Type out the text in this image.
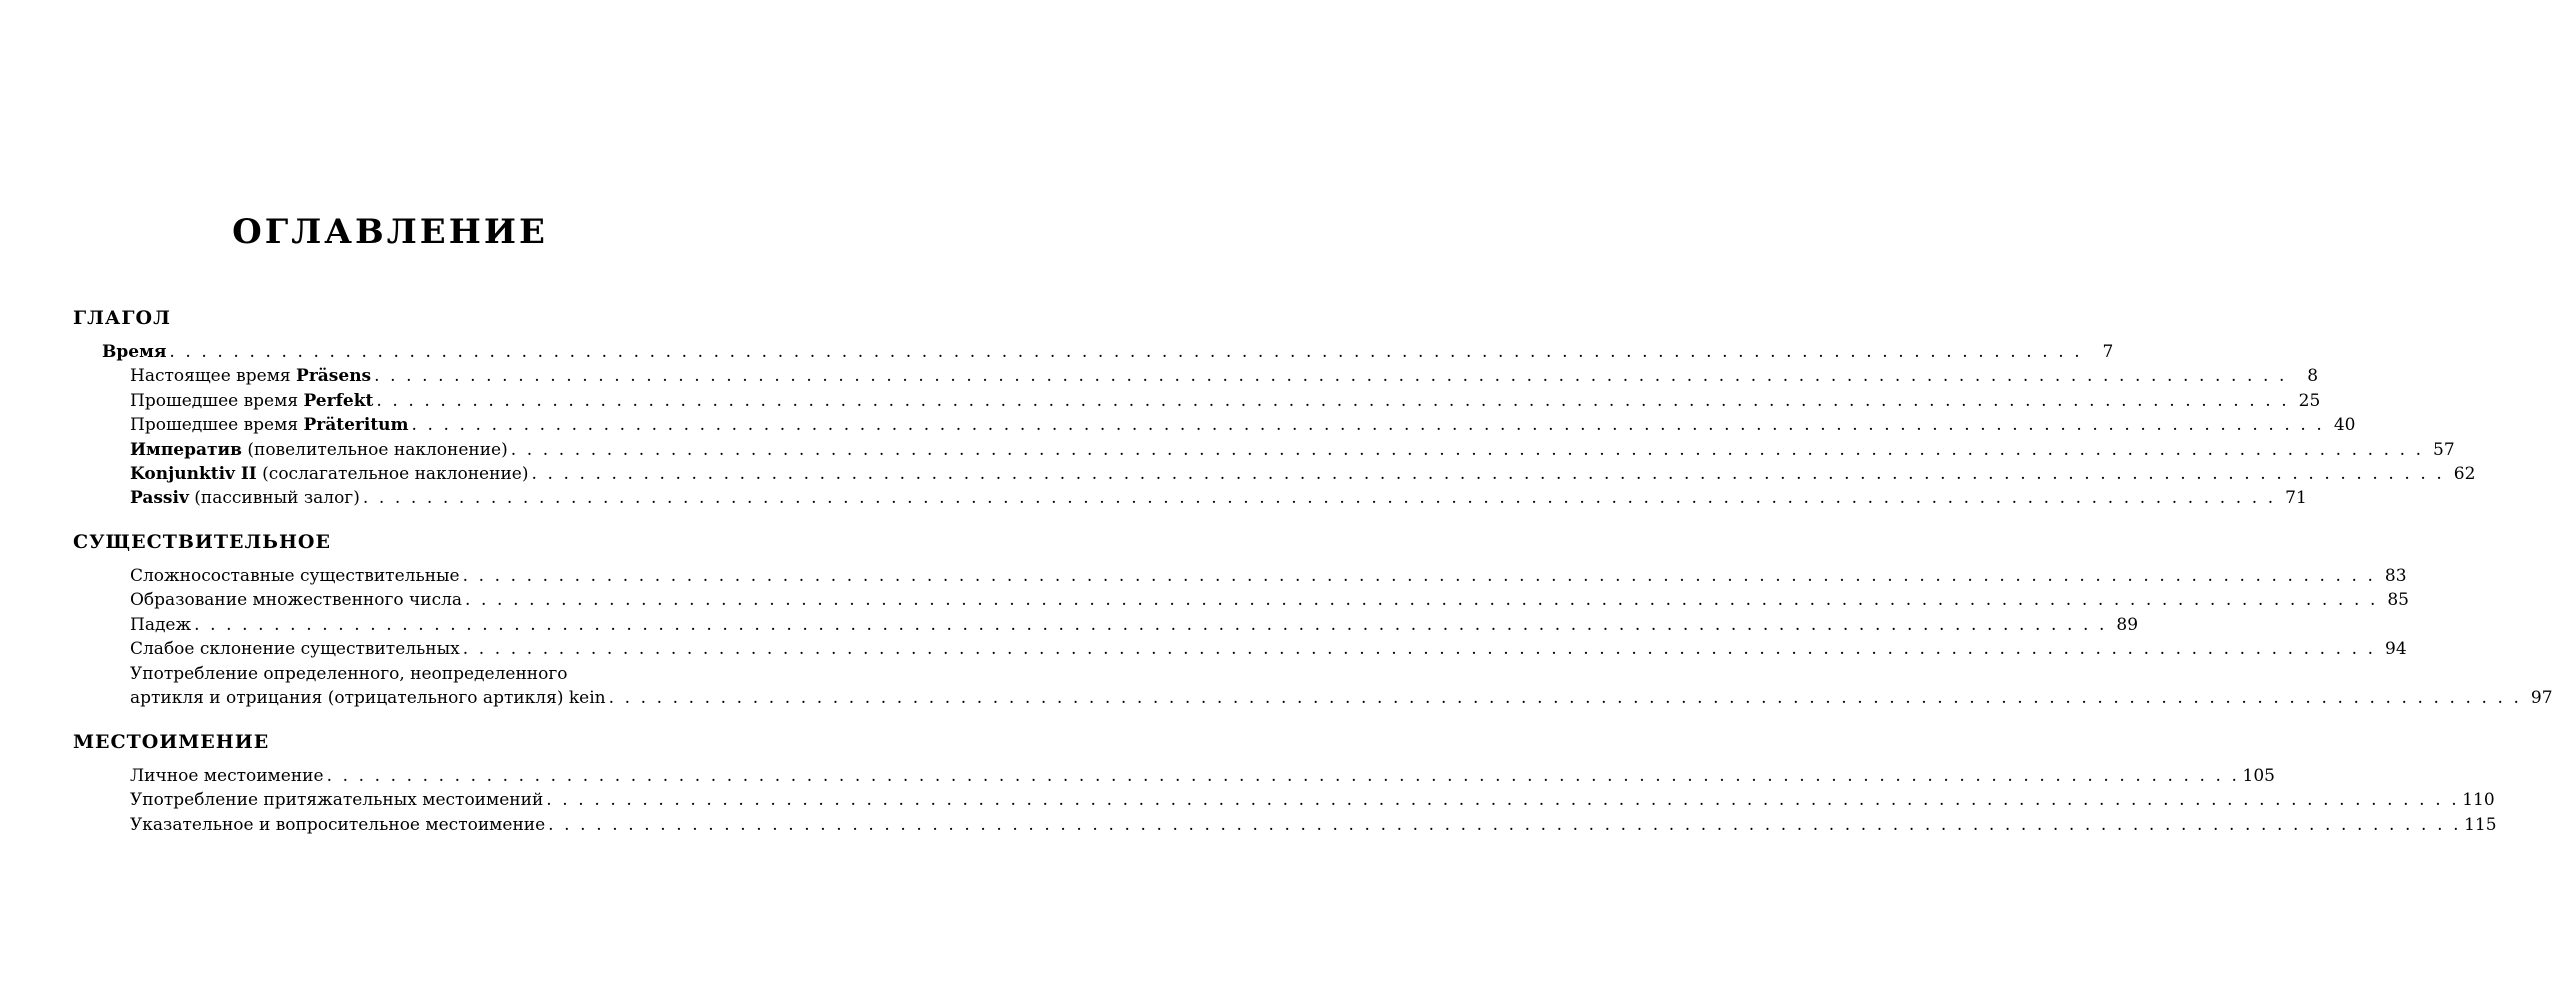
ОГЛАВЛЕНИЕ
ГЛАГОЛ
Время . . . . . . . . . . . . . . . . . . . . . . . . . . . . . . . . . . . . . . . . . . . . . . . . . . . . . . . . . . . . . . . . . . . . . . . . . . . . . . . . . . . . . . . . . . . . . . . . . . . . . . . . . . . . . . . . . . . . . . . .	7
Настоящее время Präsens . . . . . . . . . . . . . . . . . . . . . . . . . . . . . . . . . . . . . . . . . . . . . . . . . . . . . . . . . . . . . . . . . . . . . . . . . . . . . . . . . . . . . . . . . . . . . . . . . . . . . . . . . . . . . . . . . . . . . . . .	8
Прошедшее время Perfekt . . . . . . . . . . . . . . . . . . . . . . . . . . . . . . . . . . . . . . . . . . . . . . . . . . . . . . . . . . . . . . . . . . . . . . . . . . . . . . . . . . . . . . . . . . . . . . . . . . . . . . . . . . . . . . . . . . . . . . . . 25
Прошедшее время Präteritum . . . . . . . . . . . . . . . . . . . . . . . . . . . . . . . . . . . . . . . . . . . . . . . . . . . . . . . . . . . . . . . . . . . . . . . . . . . . . . . . . . . . . . . . . . . . . . . . . . . . . . . . . . . . . . . . . . . . . . . . 40
Императив (повелительное наклонение) . . . . . . . . . . . . . . . . . . . . . . . . . . . . . . . . . . . . . . . . . . . . . . . . . . . . . . . . . . . . . . . . . . . . . . . . . . . . . . . . . . . . . . . . . . . . . . . . . . . . . . . . . . . . . . . . . . . . . . . . 57
Konjunktiv II (сослагательное наклонение) . . . . . . . . . . . . . . . . . . . . . . . . . . . . . . . . . . . . . . . . . . . . . . . . . . . . . . . . . . . . . . . . . . . . . . . . . . . . . . . . . . . . . . . . . . . . . . . . . . . . . . . . . . . . . . . . . . . . . . . . 62
Passiv (пассивный залог) . . . . . . . . . . . . . . . . . . . . . . . . . . . . . . . . . . . . . . . . . . . . . . . . . . . . . . . . . . . . . . . . . . . . . . . . . . . . . . . . . . . . . . . . . . . . . . . . . . . . . . . . . . . . . . . . . . . . . . . . 71
СУЩЕСТВИТЕЛЬНОЕ
Сложносоставные существительные . . . . . . . . . . . . . . . . . . . . . . . . . . . . . . . . . . . . . . . . . . . . . . . . . . . . . . . . . . . . . . . . . . . . . . . . . . . . . . . . . . . . . . . . . . . . . . . . . . . . . . . . . . . . . . . . . . . . . . . . 83
Образование множественного числа . . . . . . . . . . . . . . . . . . . . . . . . . . . . . . . . . . . . . . . . . . . . . . . . . . . . . . . . . . . . . . . . . . . . . . . . . . . . . . . . . . . . . . . . . . . . . . . . . . . . . . . . . . . . . . . . . . . . . . . . 85
Падеж . . . . . . . . . . . . . . . . . . . . . . . . . . . . . . . . . . . . . . . . . . . . . . . . . . . . . . . . . . . . . . . . . . . . . . . . . . . . . . . . . . . . . . . . . . . . . . . . . . . . . . . . . . . . . . . . . . . . . . . . 89
Слабое склонение существительных . . . . . . . . . . . . . . . . . . . . . . . . . . . . . . . . . . . . . . . . . . . . . . . . . . . . . . . . . . . . . . . . . . . . . . . . . . . . . . . . . . . . . . . . . . . . . . . . . . . . . . . . . . . . . . . . . . . . . . . . 94
Употребление определенного, неопределенного
артикля и отрицания (отрицательного артикля) kein . . . . . . . . . . . . . . . . . . . . . . . . . . . . . . . . . . . . . . . . . . . . . . . . . . . . . . . . . . . . . . . . . . . . . . . . . . . . . . . . . . . . . . . . . . . . . . . . . . . . . . . . . . . . . . . . . . . . . . . . 97
МЕСТОИМЕНИЕ
Личное местоимение . . . . . . . . . . . . . . . . . . . . . . . . . . . . . . . . . . . . . . . . . . . . . . . . . . . . . . . . . . . . . . . . . . . . . . . . . . . . . . . . . . . . . . . . . . . . . . . . . . . . . . . . . . . . . . . . . . . . . . . . 105
Употребление притяжательных местоимений . . . . . . . . . . . . . . . . . . . . . . . . . . . . . . . . . . . . . . . . . . . . . . . . . . . . . . . . . . . . . . . . . . . . . . . . . . . . . . . . . . . . . . . . . . . . . . . . . . . . . . . . . . . . . . . . . . . . . . . . 110
Указательное и вопросительное местоимение . . . . . . . . . . . . . . . . . . . . . . . . . . . . . . . . . . . . . . . . . . . . . . . . . . . . . . . . . . . . . . . . . . . . . . . . . . . . . . . . . . . . . . . . . . . . . . . . . . . . . . . . . . . . . . . . . . . . . . . . 115
